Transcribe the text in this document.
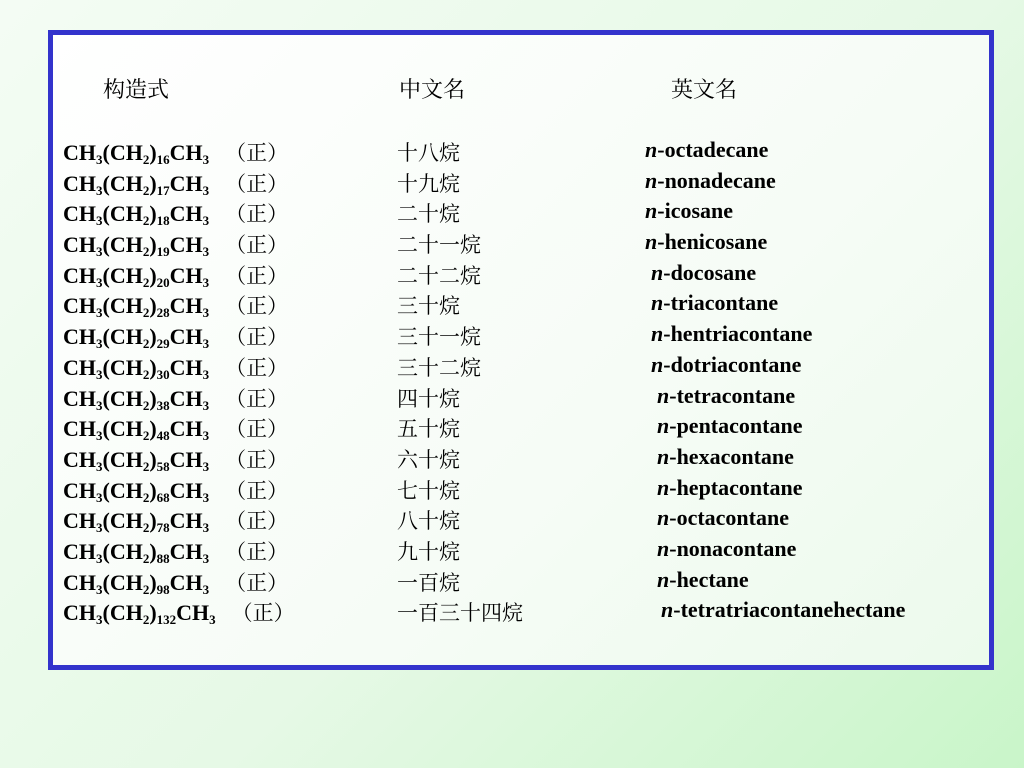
构造式	中文名	英文名
$CH_3(CH_2)_{16}CH_3$ （正）	十八烷	n-octadecane
$CH_3(CH_2)_{17}CH_3$ （正）	十九烷	n-nonadecane
$CH_3(CH_2)_{18}CH_3$ （正）	二十烷	n-icosane
$CH_3(CH_2)_{19}CH_3$ （正）	二十一烷	n-henicosane
$CH_3(CH_2)_{20}CH_3$ （正）	二十二烷	n-docosane
$CH_3(CH_2)_{28}CH_3$ （正）	三十烷	n-triacontane
$CH_3(CH_2)_{29}CH_3$ （正）	三十一烷	n-hentriacontane
$CH_3(CH_2)_{30}CH_3$ （正）	三十二烷	n-dotriacontane
$CH_3(CH_2)_{38}CH_3$ （正）	四十烷	n-tetracontane
$CH_3(CH_2)_{48}CH_3$ （正）	五十烷	n-pentacontane
$CH_3(CH_2)_{58}CH_3$ （正）	六十烷	n-hexacontane
$CH_3(CH_2)_{68}CH_3$ （正）	七十烷	n-heptacontane
$CH_3(CH_2)_{78}CH_3$ （正）	八十烷	n-octacontane
$CH_3(CH_2)_{88}CH_3$ （正）	九十烷	n-nonacontane
$CH_3(CH_2)_{98}CH_3$ （正）	一百烷	n-hectane
$CH_3(CH_2)_{132}CH_3$ （正）	一百三十四烷	n-tetratriacontanehectane
